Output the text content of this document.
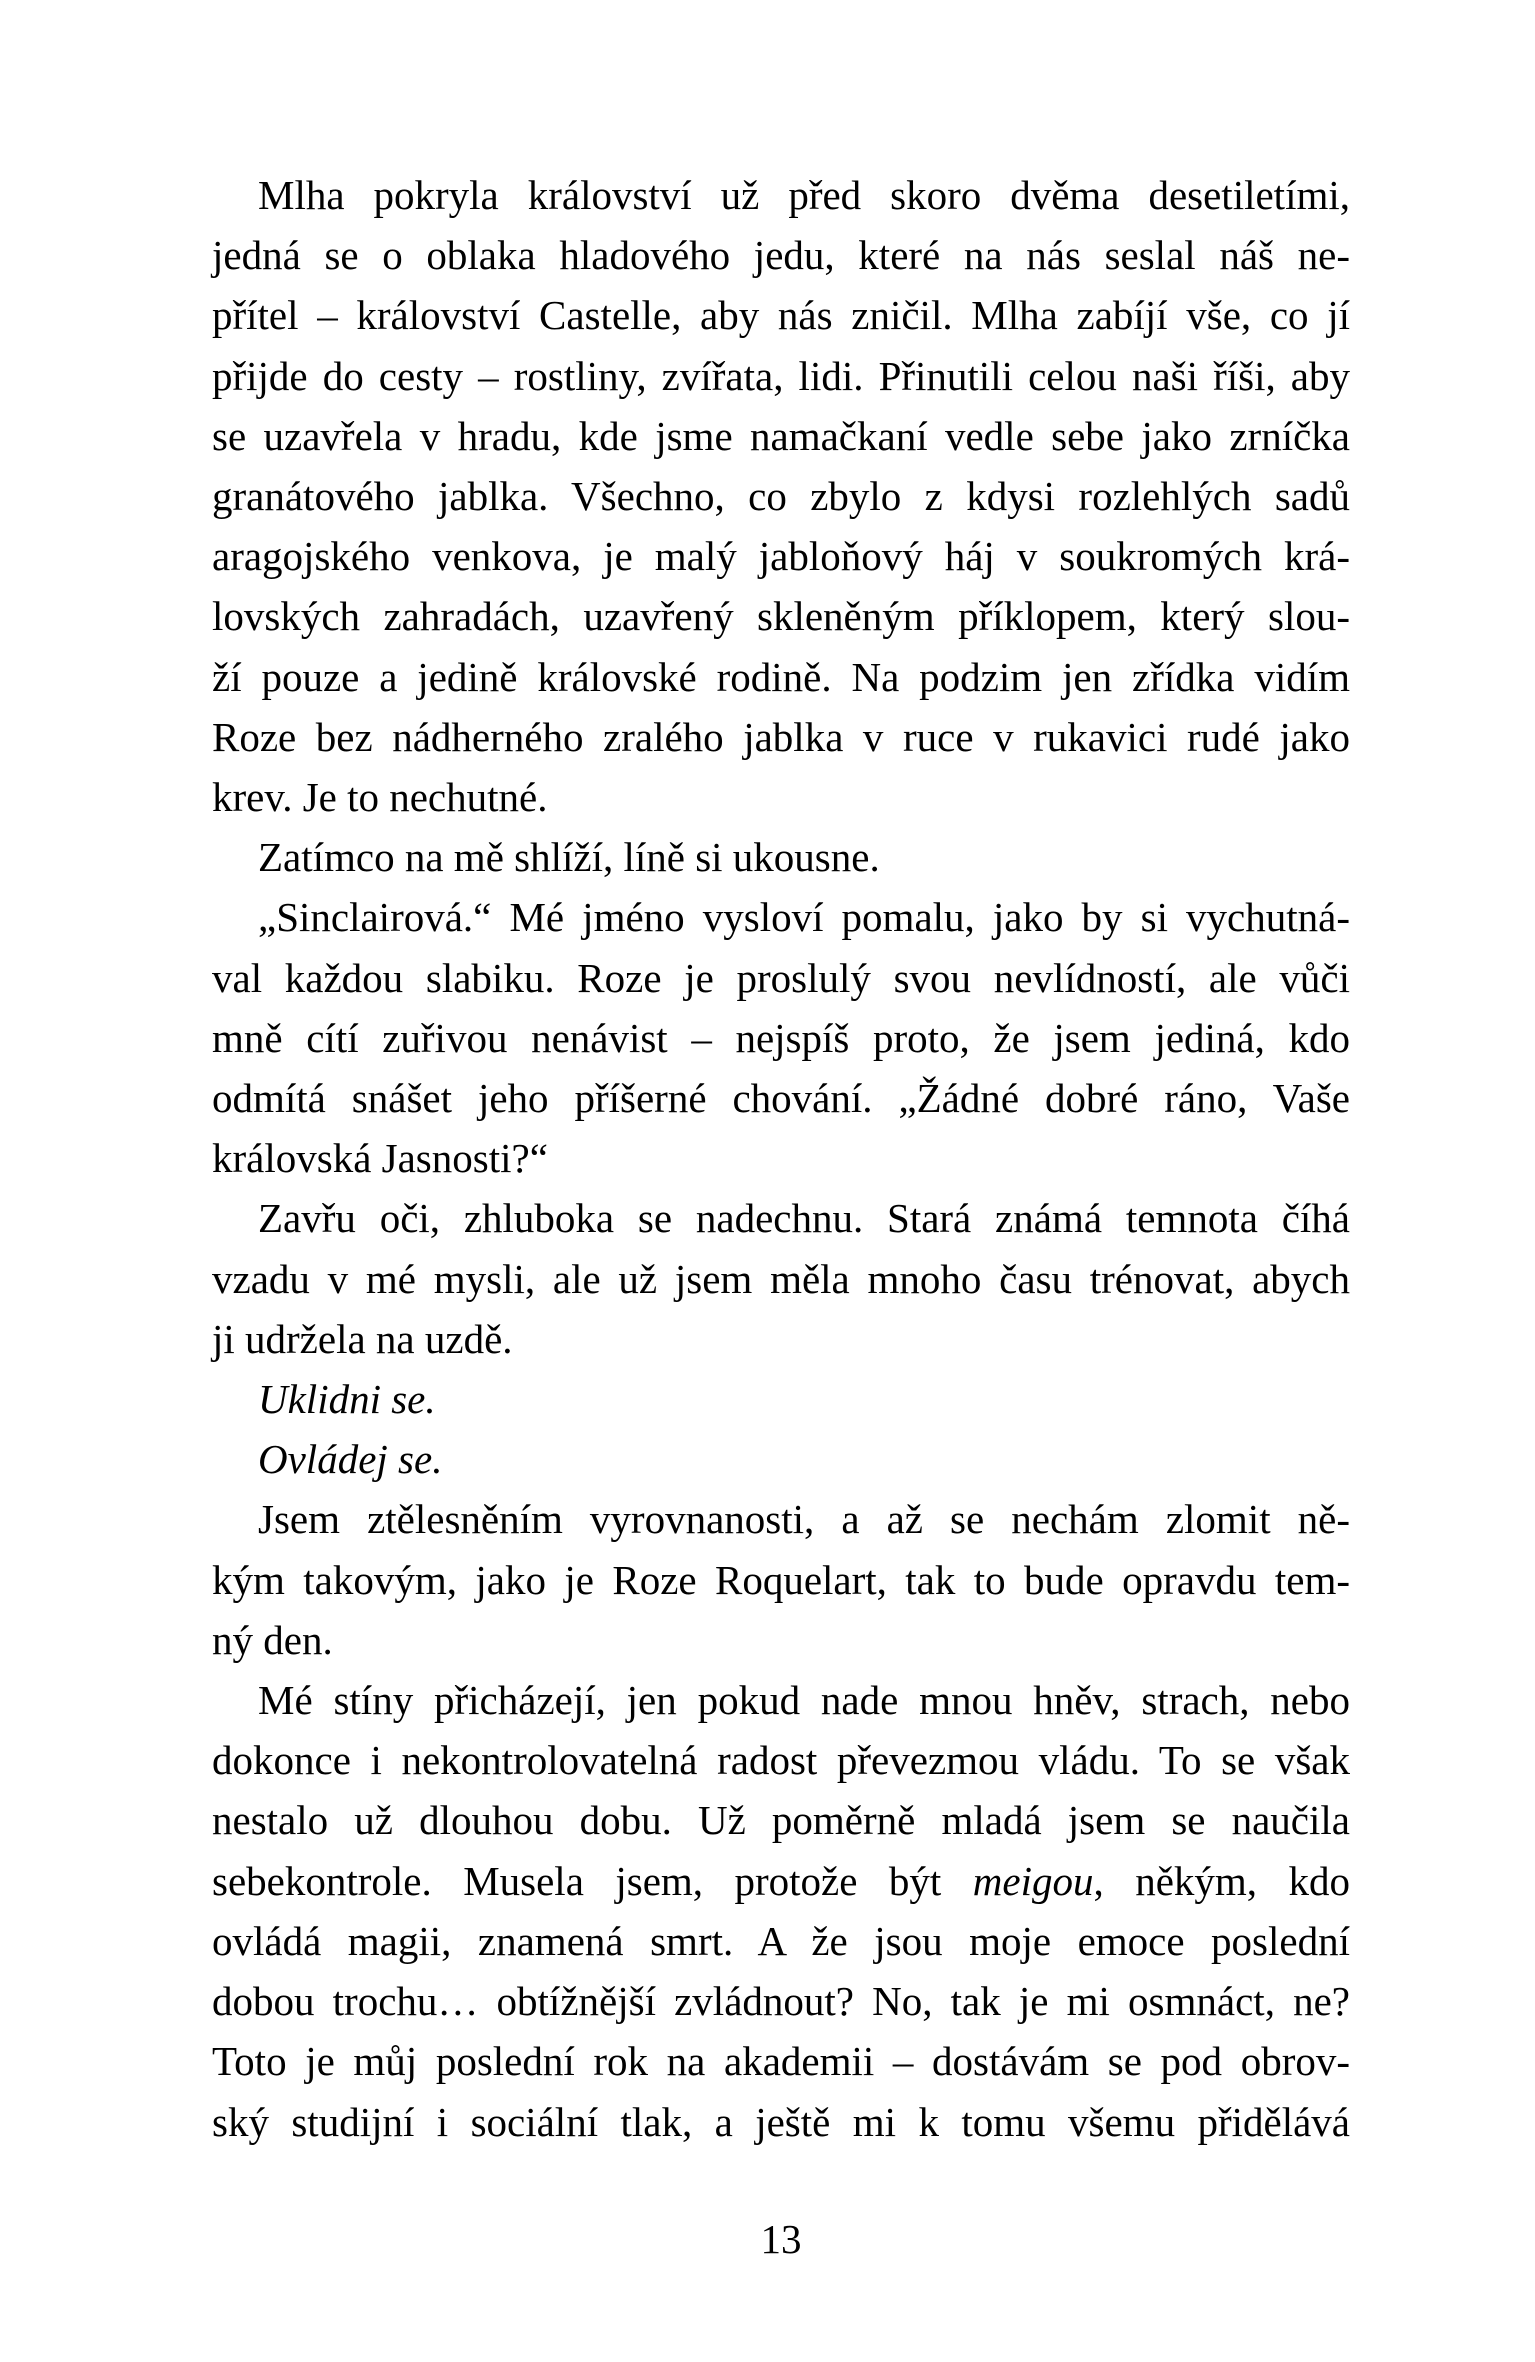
Mlha pokryla království už před skoro dvěma desetiletími,
jedná se o oblaka hladového jedu, které na nás seslal náš ne-
přítel – království Castelle, aby nás zničil. Mlha zabíjí vše, co jí
přijde do cesty – rostliny, zvířata, lidi. Přinutili celou naši říši, aby
se uzavřela v hradu, kde jsme namačkaní vedle sebe jako zrníčka
granátového jablka. Všechno, co zbylo z kdysi rozlehlých sadů
aragojského venkova, je malý jabloňový háj v soukromých krá-
lovských zahradách, uzavřený skleněným příklopem, který slou-
ží pouze a jedině královské rodině. Na podzim jen zřídka vidím
Roze bez nádherného zralého jablka v ruce v rukavici rudé jako
krev. Je to nechutné.
Zatímco na mě shlíží, líně si ukousne.
„Sinclairová.“ Mé jméno vysloví pomalu, jako by si vychutná-
val každou slabiku. Roze je proslulý svou nevlídností, ale vůči
mně cítí zuřivou nenávist – nejspíš proto, že jsem jediná, kdo
odmítá snášet jeho příšerné chování. „Žádné dobré ráno, Vaše
královská Jasnosti?“
Zavřu oči, zhluboka se nadechnu. Stará známá temnota číhá
vzadu v mé mysli, ale už jsem měla mnoho času trénovat, abych
ji udržela na uzdě.
Uklidni se.
Ovládej se.
Jsem ztělesněním vyrovnanosti, a až se nechám zlomit ně-
kým takovým, jako je Roze Roquelart, tak to bude opravdu tem-
ný den.
Mé stíny přicházejí, jen pokud nade mnou hněv, strach, nebo
dokonce i nekontrolovatelná radost převezmou vládu. To se však
nestalo už dlouhou dobu. Už poměrně mladá jsem se naučila
sebekontrole. Musela jsem, protože být meigou, někým, kdo
ovládá magii, znamená smrt. A že jsou moje emoce poslední
dobou trochu… obtížnější zvládnout? No, tak je mi osmnáct, ne?
Toto je můj poslední rok na akademii – dostávám se pod obrov-
ský studijní i sociální tlak, a ještě mi k tomu všemu přidělává
13
